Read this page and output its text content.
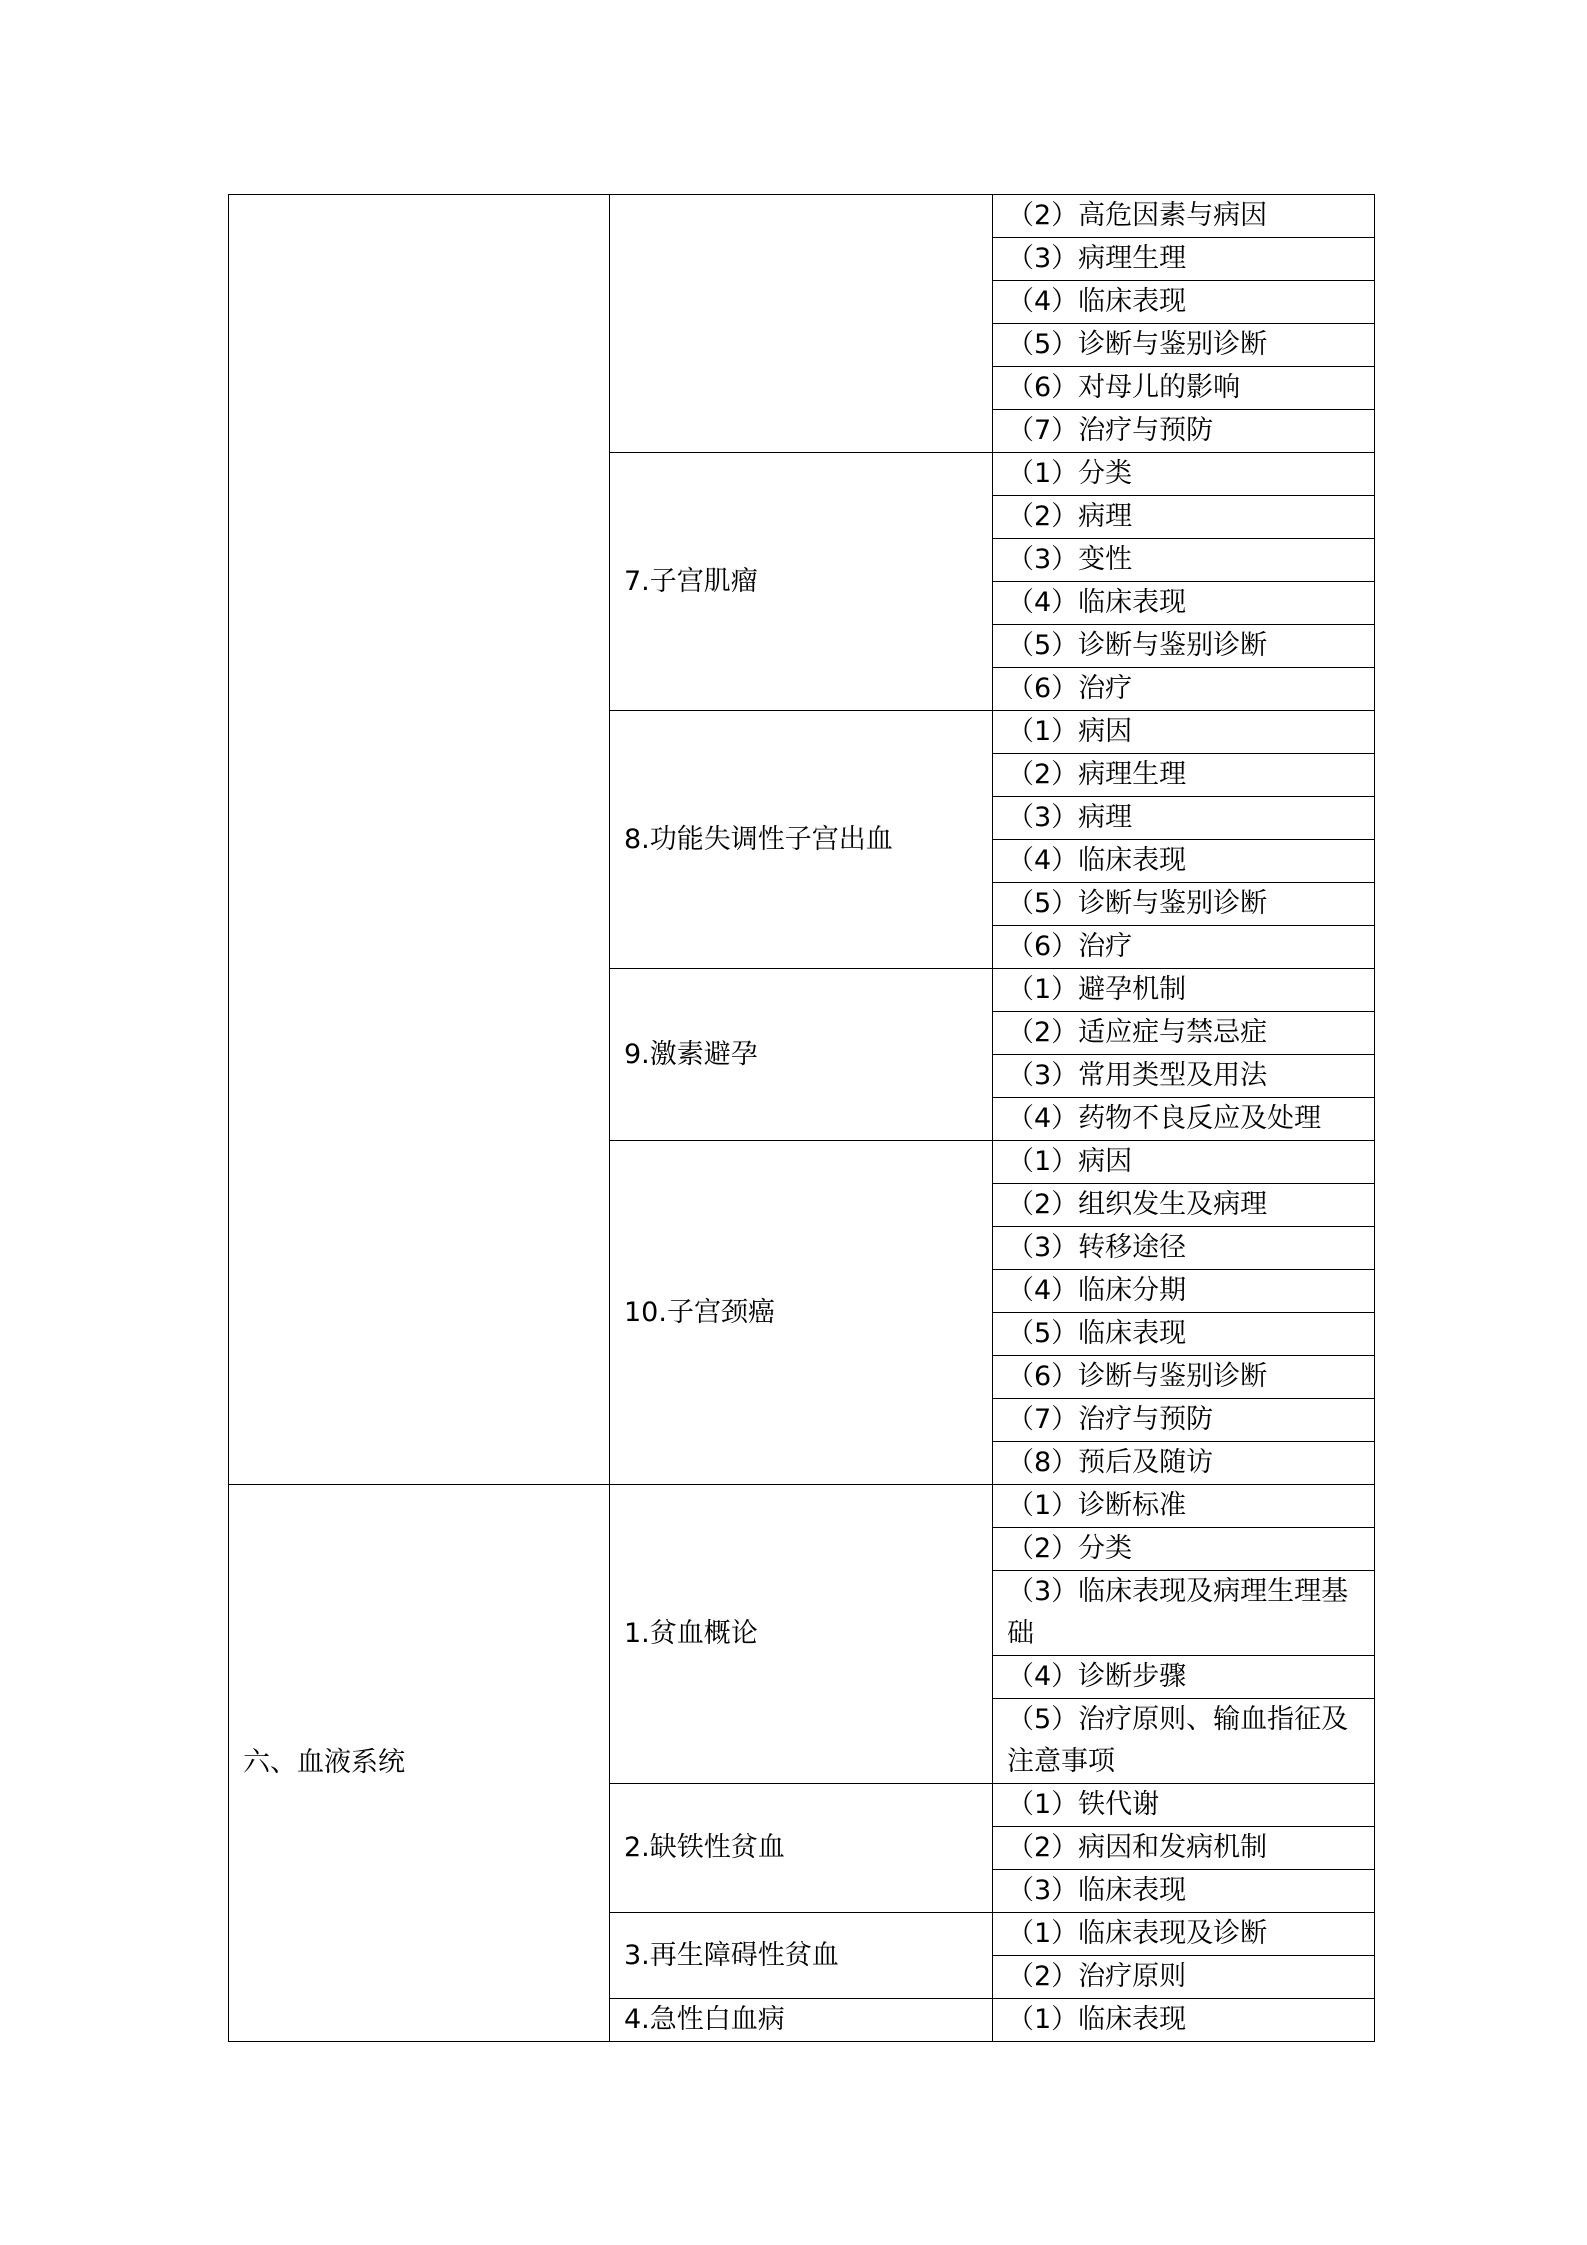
		（2）高危因素与病因
		（3）病理生理
		（4）临床表现
		（5）诊断与鉴别诊断
		（6）对母儿的影响
		（7）治疗与预防
	7.子宫肌瘤	（1）分类
		（2）病理
		（3）变性
		（4）临床表现
		（5）诊断与鉴别诊断
		（6）治疗
	8.功能失调性子宫出血	（1）病因
		（2）病理生理
		（3）病理
		（4）临床表现
		（5）诊断与鉴别诊断
		（6）治疗
	9.激素避孕	（1）避孕机制
		（2）适应症与禁忌症
		（3）常用类型及用法
		（4）药物不良反应及处理
	10.子宫颈癌	（1）病因
		（2）组织发生及病理
		（3）转移途径
		（4）临床分期
		（5）临床表现
		（6）诊断与鉴别诊断
		（7）治疗与预防
		（8）预后及随访
六、血液系统	1.贫血概论	（1）诊断标准
		（2）分类
		（3）临床表现及病理生理基础
		（4）诊断步骤
		（5）治疗原则、输血指征及注意事项
	2.缺铁性贫血	（1）铁代谢
		（2）病因和发病机制
		（3）临床表现
	3.再生障碍性贫血	（1）临床表现及诊断
		（2）治疗原则
	4.急性白血病	（1）临床表现
